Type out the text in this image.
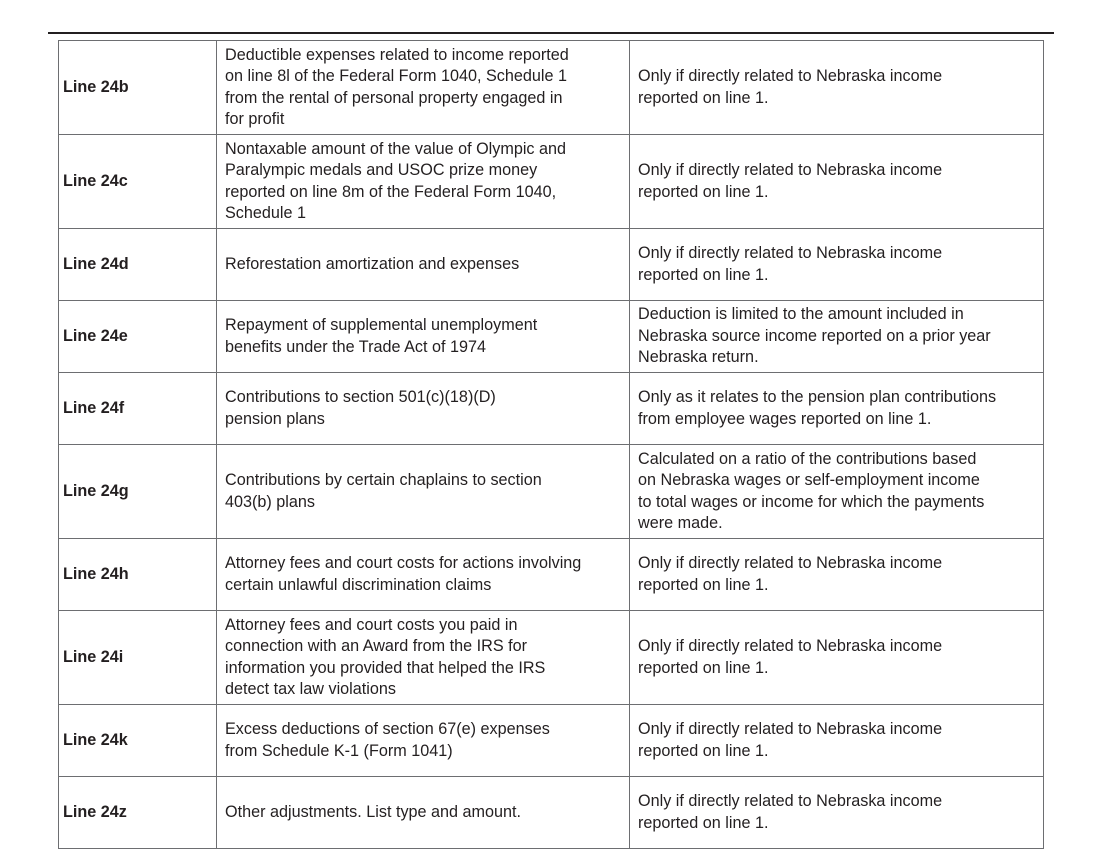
Line 24b	Deductible expenses related to income reported
on line 8l of the Federal Form 1040, Schedule 1
from the rental of personal property engaged in
for profit	Only if directly related to Nebraska income
reported on line 1.
Line 24c	Nontaxable amount of the value of Olympic and
Paralympic medals and USOC prize money
reported on line 8m of the Federal Form 1040,
Schedule 1	Only if directly related to Nebraska income
reported on line 1.
Line 24d	Reforestation amortization and expenses	Only if directly related to Nebraska income
reported on line 1.
Line 24e	Repayment of supplemental unemployment
benefits under the Trade Act of 1974	Deduction is limited to the amount included in
Nebraska source income reported on a prior year
Nebraska return.
Line 24f	Contributions to section 501(c)(18)(D)
pension plans	Only as it relates to the pension plan contributions
from employee wages reported on line 1.
Line 24g	Contributions by certain chaplains to section
403(b) plans	Calculated on a ratio of the contributions based
on Nebraska wages or self-employment income
to total wages or income for which the payments
were made.
Line 24h	Attorney fees and court costs for actions involving
certain unlawful discrimination claims	Only if directly related to Nebraska income
reported on line 1.
Line 24i	Attorney fees and court costs you paid in
connection with an Award from the IRS for
information you provided that helped the IRS
detect tax law violations	Only if directly related to Nebraska income
reported on line 1.
Line 24k	Excess deductions of section 67(e) expenses
from Schedule K-1 (Form 1041)	Only if directly related to Nebraska income
reported on line 1.
Line 24z	Other adjustments. List type and amount.	Only if directly related to Nebraska income
reported on line 1.
